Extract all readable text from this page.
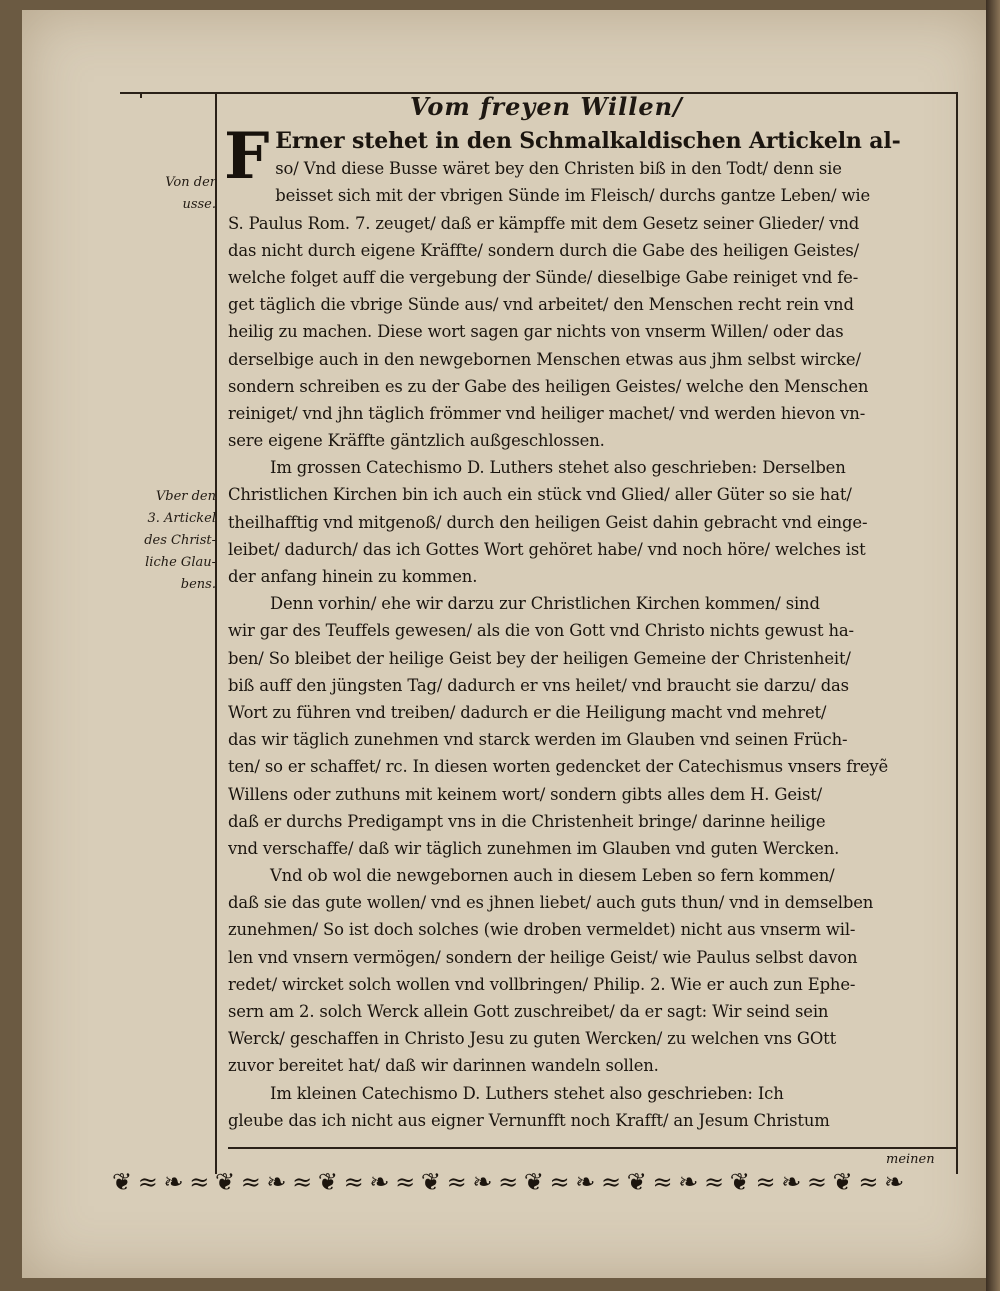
Vom freyen Willen/
Von der
usse.
Vber den
3. Artickel
des Christ-
liche Glau-
bens.
F Erner stehet in den Schmalkaldischen Artickeln al-
so/ Vnd diese Busse wäret bey den Christen biß in den Todt/ denn sie
beisset sich mit der vbrigen Sünde im Fleisch/ durchs gantze Leben/ wie
S. Paulus Rom. 7. zeuget/ daß er kämpffe mit dem Gesetz seiner Glieder/ vnd
das nicht durch eigene Kräffte/ sondern durch die Gabe des heiligen Geistes/
welche folget auff die vergebung der Sünde/ dieselbige Gabe reiniget vnd fe-
get täglich die vbrige Sünde aus/ vnd arbeitet/ den Menschen recht rein vnd
heilig zu machen. Diese wort sagen gar nichts von vnserm Willen/ oder das
derselbige auch in den newgebornen Menschen etwas aus jhm selbst wircke/
sondern schreiben es zu der Gabe des heiligen Geistes/ welche den Menschen
reiniget/ vnd jhn täglich frömmer vnd heiliger machet/ vnd werden hievon vn-
sere eigene Kräffte gäntzlich außgeschlossen.
Im grossen Catechismo D. Luthers stehet also geschrieben: Derselben
Christlichen Kirchen bin ich auch ein stück vnd Glied/ aller Güter so sie hat/
theilhafftig vnd mitgenoß/ durch den heiligen Geist dahin gebracht vnd einge-
leibet/ dadurch/ das ich Gottes Wort gehöret habe/ vnd noch höre/ welches ist
der anfang hinein zu kommen.
Denn vorhin/ ehe wir darzu zur Christlichen Kirchen kommen/ sind
wir gar des Teuffels gewesen/ als die von Gott vnd Christo nichts gewust ha-
ben/ So bleibet der heilige Geist bey der heiligen Gemeine der Christenheit/
biß auff den jüngsten Tag/ dadurch er vns heilet/ vnd braucht sie darzu/ das
Wort zu führen vnd treiben/ dadurch er die Heiligung macht vnd mehret/
das wir täglich zunehmen vnd starck werden im Glauben vnd seinen Früch-
ten/ so er schaffet/ rc. In diesen worten gedencket der Catechismus vnsers freyẽ
Willens oder zuthuns mit keinem wort/ sondern gibts alles dem H. Geist/
daß er durchs Predigampt vns in die Christenheit bringe/ darinne heilige
vnd verschaffe/ daß wir täglich zunehmen im Glauben vnd guten Wercken.
Vnd ob wol die newgebornen auch in diesem Leben so fern kommen/
daß sie das gute wollen/ vnd es jhnen liebet/ auch guts thun/ vnd in demselben
zunehmen/ So ist doch solches (wie droben vermeldet) nicht aus vnserm wil-
len vnd vnsern vermögen/ sondern der heilige Geist/ wie Paulus selbst davon
redet/ wircket solch wollen vnd vollbringen/ Philip. 2. Wie er auch zun Ephe-
sern am 2. solch Werck allein Gott zuschreibet/ da er sagt: Wir seind sein
Werck/ geschaffen in Christo Jesu zu guten Wercken/ zu welchen vns GOtt
zuvor bereitet hat/ daß wir darinnen wandeln sollen.
Im kleinen Catechismo D. Luthers stehet also geschrieben: Ich
gleube das ich nicht aus eigner Vernunfft noch Krafft/ an Jesum Christum
meinen
❦ ≈ ❧ ≈ ❦ ≈ ❧ ≈ ❦ ≈ ❧ ≈ ❦ ≈ ❧ ≈ ❦ ≈ ❧ ≈ ❦ ≈ ❧ ≈ ❦ ≈ ❧ ≈ ❦ ≈ ❧
